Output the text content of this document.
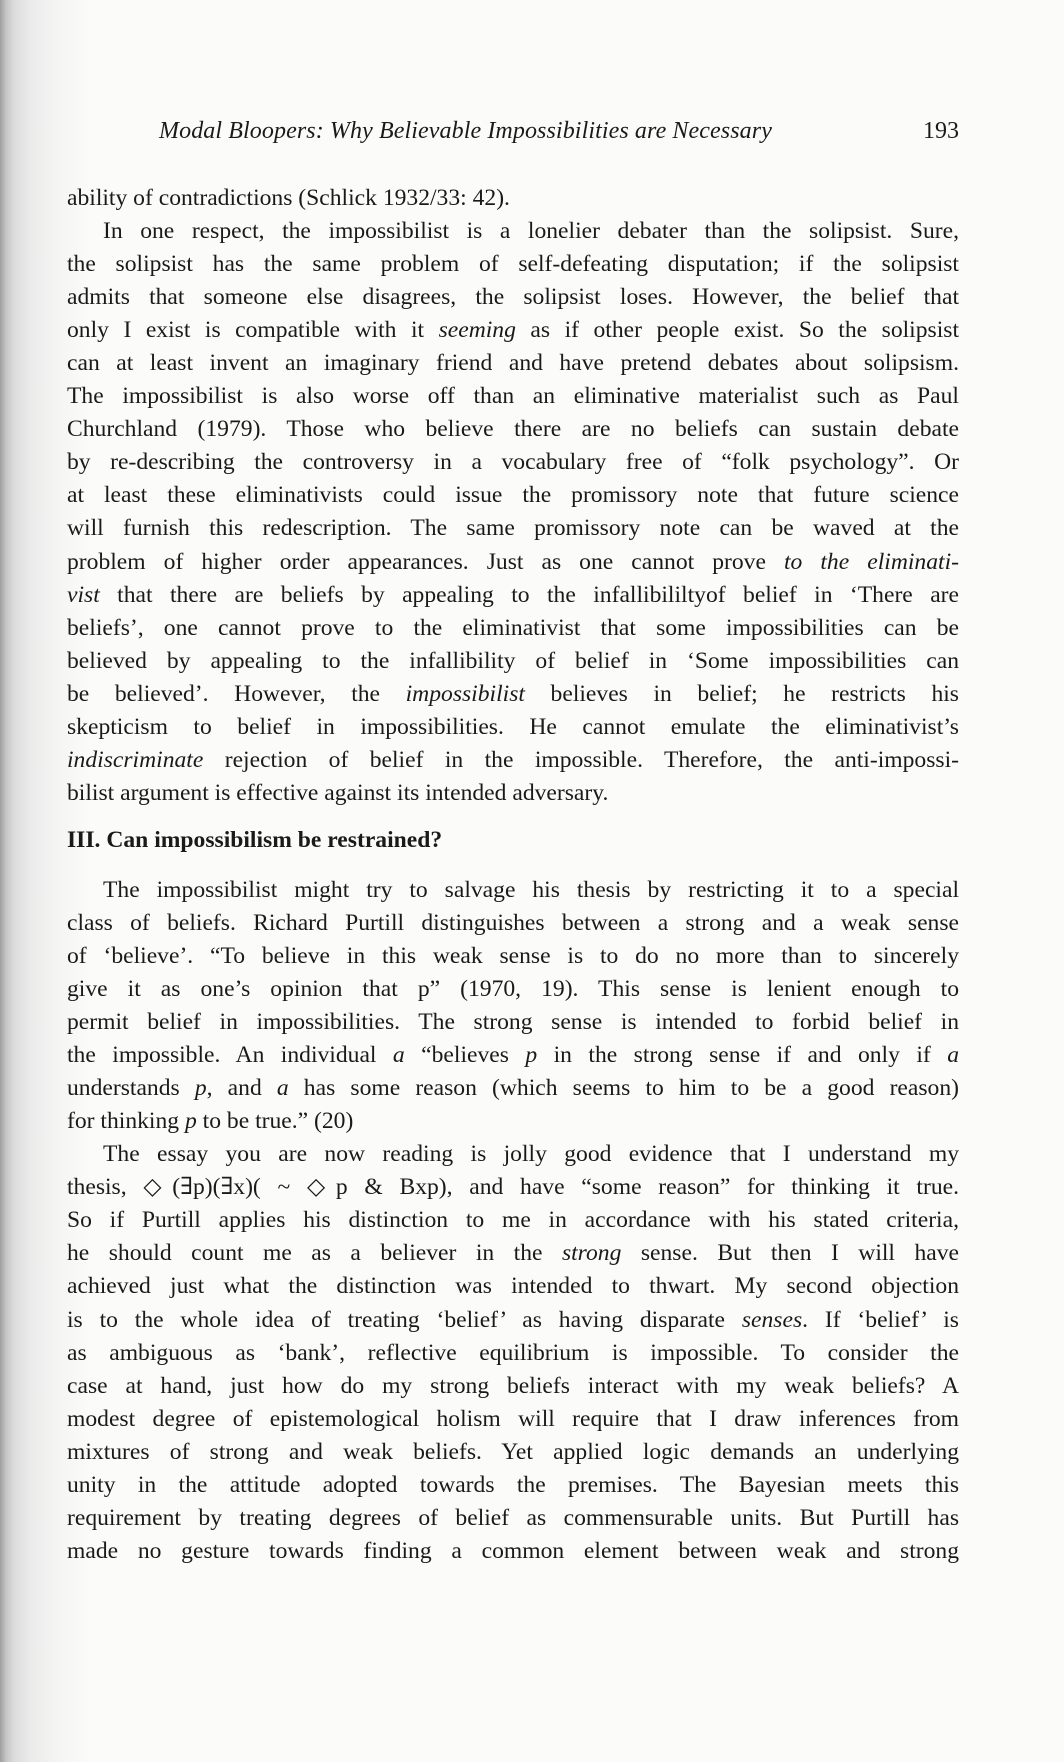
Modal Bloopers: Why Believable Impossibilities are Necessary	193
ability of contradictions (Schlick 1932/33: 42).
In one respect, the impossibilist is a lonelier debater than the solipsist. Sure,
the solipsist has the same problem of self-defeating disputation; if the solipsist
admits that someone else disagrees, the solipsist loses. However, the belief that
only I exist is compatible with it seeming as if other people exist. So the solipsist
can at least invent an imaginary friend and have pretend debates about solipsism.
The impossibilist is also worse off than an eliminative materialist such as Paul
Churchland (1979). Those who believe there are no beliefs can sustain debate
by re-describing the controversy in a vocabulary free of “folk psychology”. Or
at least these eliminativists could issue the promissory note that future science
will furnish this redescription. The same promissory note can be waved at the
problem of higher order appearances. Just as one cannot prove to the eliminati-
vist that there are beliefs by appealing to the infallibililtyof belief in ‘There are
beliefs’, one cannot prove to the eliminativist that some impossibilities can be
believed by appealing to the infallibility of belief in ‘Some impossibilities can
be believed’. However, the impossibilist believes in belief; he restricts his
skepticism to belief in impossibilities. He cannot emulate the eliminativist’s
indiscriminate rejection of belief in the impossible. Therefore, the anti-impossi-
bilist argument is effective against its intended adversary.
III. Can impossibilism be restrained?
The impossibilist might try to salvage his thesis by restricting it to a special
class of beliefs. Richard Purtill distinguishes between a strong and a weak sense
of ‘believe’. “To believe in this weak sense is to do no more than to sincerely
give it as one’s opinion that p” (1970, 19). This sense is lenient enough to
permit belief in impossibilities. The strong sense is intended to forbid belief in
the impossible. An individual a “believes p in the strong sense if and only if a
understands p, and a has some reason (which seems to him to be a good reason)
for thinking p to be true.” (20)
The essay you are now reading is jolly good evidence that I understand my
thesis, ◇(∃p)(∃x)( ~ ◇p & Bxp), and have “some reason” for thinking it true.
So if Purtill applies his distinction to me in accordance with his stated criteria,
he should count me as a believer in the strong sense. But then I will have
achieved just what the distinction was intended to thwart. My second objection
is to the whole idea of treating ‘belief’ as having disparate senses. If ‘belief’ is
as ambiguous as ‘bank’, reflective equilibrium is impossible. To consider the
case at hand, just how do my strong beliefs interact with my weak beliefs? A
modest degree of epistemological holism will require that I draw inferences from
mixtures of strong and weak beliefs. Yet applied logic demands an underlying
unity in the attitude adopted towards the premises. The Bayesian meets this
requirement by treating degrees of belief as commensurable units. But Purtill has
made no gesture towards finding a common element between weak and strong
